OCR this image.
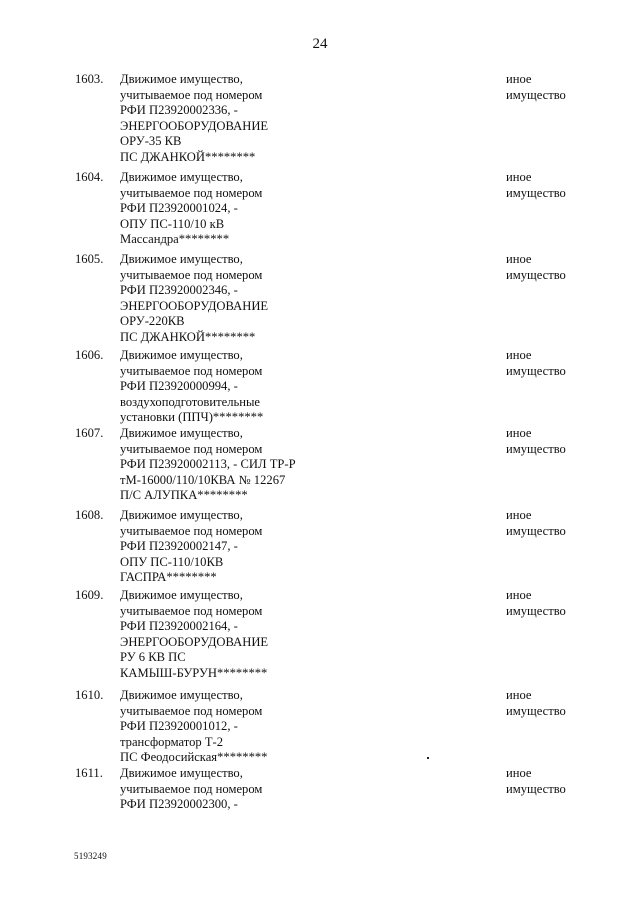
24
1603. Движимое имущество,
учитываемое под номером
РФИ П23920002336, -
ЭНЕРГООБОРУДОВАНИЕ
ОРУ-35 КВ
ПС ДЖАНКОЙ********
иное
имущество
1604. Движимое имущество,
учитываемое под номером
РФИ П23920001024, -
ОПУ ПС-110/10 кВ
Массандра********
иное
имущество
1605. Движимое имущество,
учитываемое под номером
РФИ П23920002346, -
ЭНЕРГООБОРУДОВАНИЕ
ОРУ-220КВ
ПС ДЖАНКОЙ********
иное
имущество
1606. Движимое имущество,
учитываемое под номером
РФИ П23920000994, -
воздухоподготовительные
установки (ППЧ)********
иное
имущество
1607. Движимое имущество,
учитываемое под номером
РФИ П23920002113, - СИЛ ТР-Р
тМ-16000/110/10КВА № 12267
П/С АЛУПКА********
иное
имущество
1608. Движимое имущество,
учитываемое под номером
РФИ П23920002147, -
ОПУ ПС-110/10КВ
ГАСПРА********
иное
имущество
1609. Движимое имущество,
учитываемое под номером
РФИ П23920002164, -
ЭНЕРГООБОРУДОВАНИЕ
РУ 6 КВ ПС
КАМЫШ-БУРУН********
иное
имущество
1610. Движимое имущество,
учитываемое под номером
РФИ П23920001012, -
трансформатор Т-2
ПС Феодосийская********
иное
имущество
1611. Движимое имущество,
учитываемое под номером
РФИ П23920002300, -
иное
имущество
5193249
